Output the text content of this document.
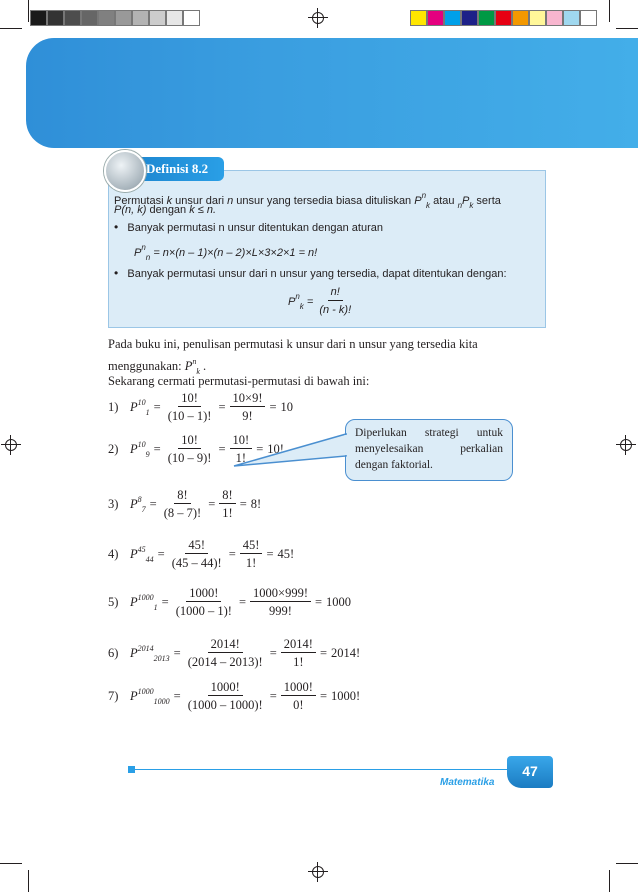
Definisi 8.2
Permutasi k unsur dari n unsur yang tersedia biasa dituliskan $P^n_k$ atau $_nP_k$ serta
P(n, k) dengan k ≤ n.
• Banyak permutasi n unsur ditentukan dengan aturan
$P^n_n = n\times(n - 1)\times(n - 2)\times L\times 3\times 2\times 1 = n$!
• Banyak permutasi unsur dari n unsur yang tersedia, dapat ditentukan dengan:
$P^n_k = \frac{n!}{(n - k)!}$
Pada buku ini, penulisan permutasi k unsur dari n unsur yang tersedia kita
menggunakan: $P^n_k$ .
Sekarang cermati permutasi-permutasi di bawah ini:
1) $P^{10}_1 = \frac{10!}{(10 - 1)!} = \frac{10\times 9!}{9!} = 10$
2) $P^{10}_9 = \frac{10!}{(10 - 9)!} = \frac{10!}{1!} = 10$!
3) $P^8_7 = \frac{8!}{(8 - 7)!} = \frac{8!}{1!} = 8$!
4) $P^{45}_{44} = \frac{45!}{(45 - 44)!} = \frac{45!}{1!} = 45$!
5) $P^{1000}_1 = \frac{1000!}{(1000 - 1)!} = \frac{1000\times 999!}{999!} = 1000$
6) $P^{2014}_{2013} = \frac{2014!}{(2014 - 2013)!} = \frac{2014!}{1!} = 2014$!
7) $P^{1000}_{1000} = \frac{1000!}{(1000 - 1000)!} = \frac{1000!}{0!} = 1000$!
Diperlukan strategi untuk menyelesaikan perkalian dengan faktorial.
Matematika
47
